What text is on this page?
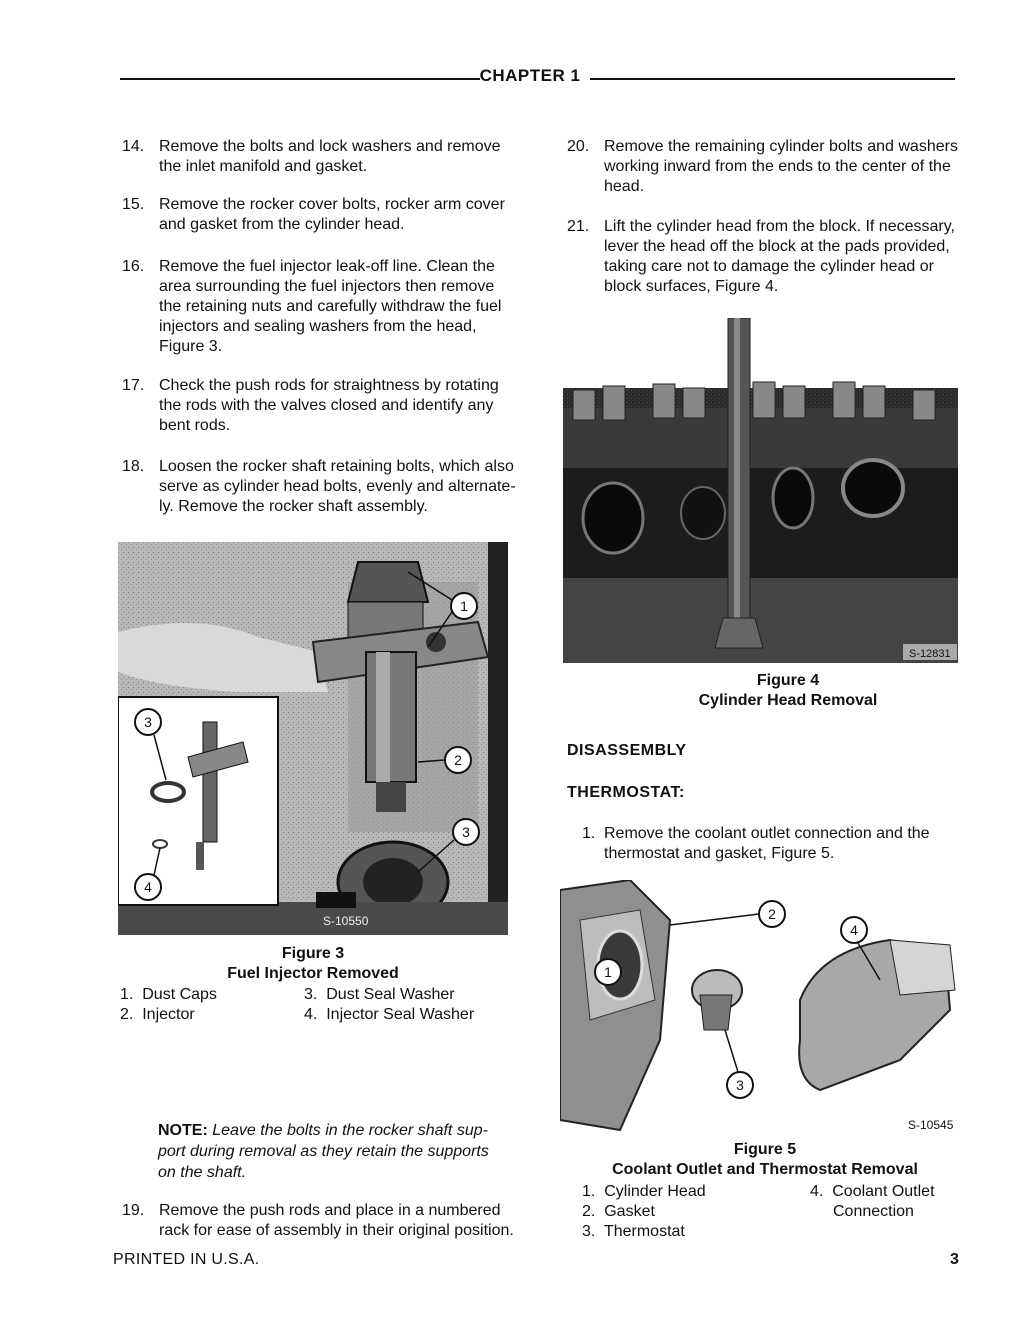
CHAPTER 1
14. Remove the bolts and lock washers and remove
the inlet manifold and gasket.
15. Remove the rocker cover bolts, rocker arm cover
and gasket from the cylinder head.
16. Remove the fuel injector leak-off line. Clean the
area surrounding the fuel injectors then remove
the retaining nuts and carefully withdraw the fuel
injectors and sealing washers from the head,
Figure 3.
17. Check the push rods for straightness by rotating
the rods with the valves closed and identify any
bent rods.
18. Loosen the rocker shaft retaining bolts, which also
serve as cylinder head bolts, evenly and alternate-
ly. Remove the rocker shaft assembly.
20. Remove the remaining cylinder bolts and washers
working inward from the ends to the center of the
head.
21. Lift the cylinder head from the block. If necessary,
lever the head off the block at the pads provided,
taking care not to damage the cylinder head or
block surfaces, Figure 4.
S-12831
Figure 4
Cylinder Head Removal
S-10550
1
2
3
3
4
Figure 3
Fuel Injector Removed
1. Dust Caps
2. Injector
3. Dust Seal Washer
4. Injector Seal Washer
DISASSEMBLY
THERMOSTAT:
1. Remove the coolant outlet connection and the
thermostat and gasket, Figure 5.
1
2
3
4
S-10545
Figure 5
Coolant Outlet and Thermostat Removal
1. Cylinder Head
2. Gasket
3. Thermostat
4. Coolant Outlet
Connection
NOTE: Leave the bolts in the rocker shaft sup-
port during removal as they retain the supports
on the shaft.
19. Remove the push rods and place in a numbered
rack for ease of assembly in their original position.
PRINTED IN U.S.A.	3
